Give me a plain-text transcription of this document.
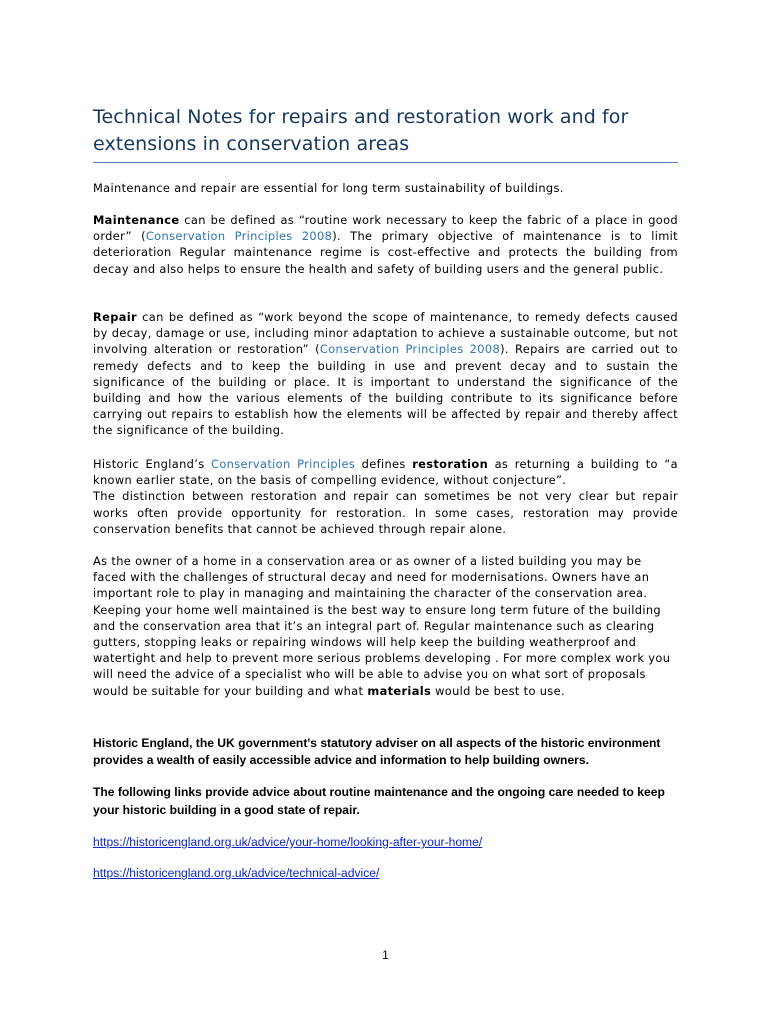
Technical Notes for repairs and restoration work and for extensions in conservation areas

Maintenance and repair are essential for long term sustainability of buildings.

Maintenance can be defined as “routine work necessary to keep the fabric of a place in good order” (Conservation Principles 2008). The primary objective of maintenance is to limit deterioration Regular maintenance regime is cost-effective and protects the building from decay and also helps to ensure the health and safety of building users and the general public.

Repair can be defined as “work beyond the scope of maintenance, to remedy defects caused by decay, damage or use, including minor adaptation to achieve a sustainable outcome, but not involving alteration or restoration” (Conservation Principles 2008). Repairs are carried out to remedy defects and to keep the building in use and prevent decay and to sustain the significance of the building or place. It is important to understand the significance of the building and how the various elements of the building contribute to its significance before carrying out repairs to establish how the elements will be affected by repair and thereby affect the significance of the building.

Historic England’s Conservation Principles defines restoration as returning a building to “a known earlier state, on the basis of compelling evidence, without conjecture”.
The distinction between restoration and repair can sometimes be not very clear but repair works often provide opportunity for restoration. In some cases, restoration may provide conservation benefits that cannot be achieved through repair alone.

As the owner of a home in a conservation area or as owner of a listed building you may be faced with the challenges of structural decay and need for modernisations. Owners have an important role to play in managing and maintaining the character of the conservation area. Keeping your home well maintained is the best way to ensure long term future of the building and the conservation area that it’s an integral part of. Regular maintenance such as clearing gutters, stopping leaks or repairing windows will help keep the building weatherproof and watertight and help to prevent more serious problems developing . For more complex work you will need the advice of a specialist who will be able to advise you on what sort of proposals would be suitable for your building and what materials would be best to use.

Historic England, the UK government's statutory adviser on all aspects of the historic environment provides a wealth of easily accessible advice and information to help building owners.

The following links provide advice about routine maintenance and the ongoing care needed to keep your historic building in a good state of repair.

https://historicengland.org.uk/advice/your-home/looking-after-your-home/

https://historicengland.org.uk/advice/technical-advice/

1
